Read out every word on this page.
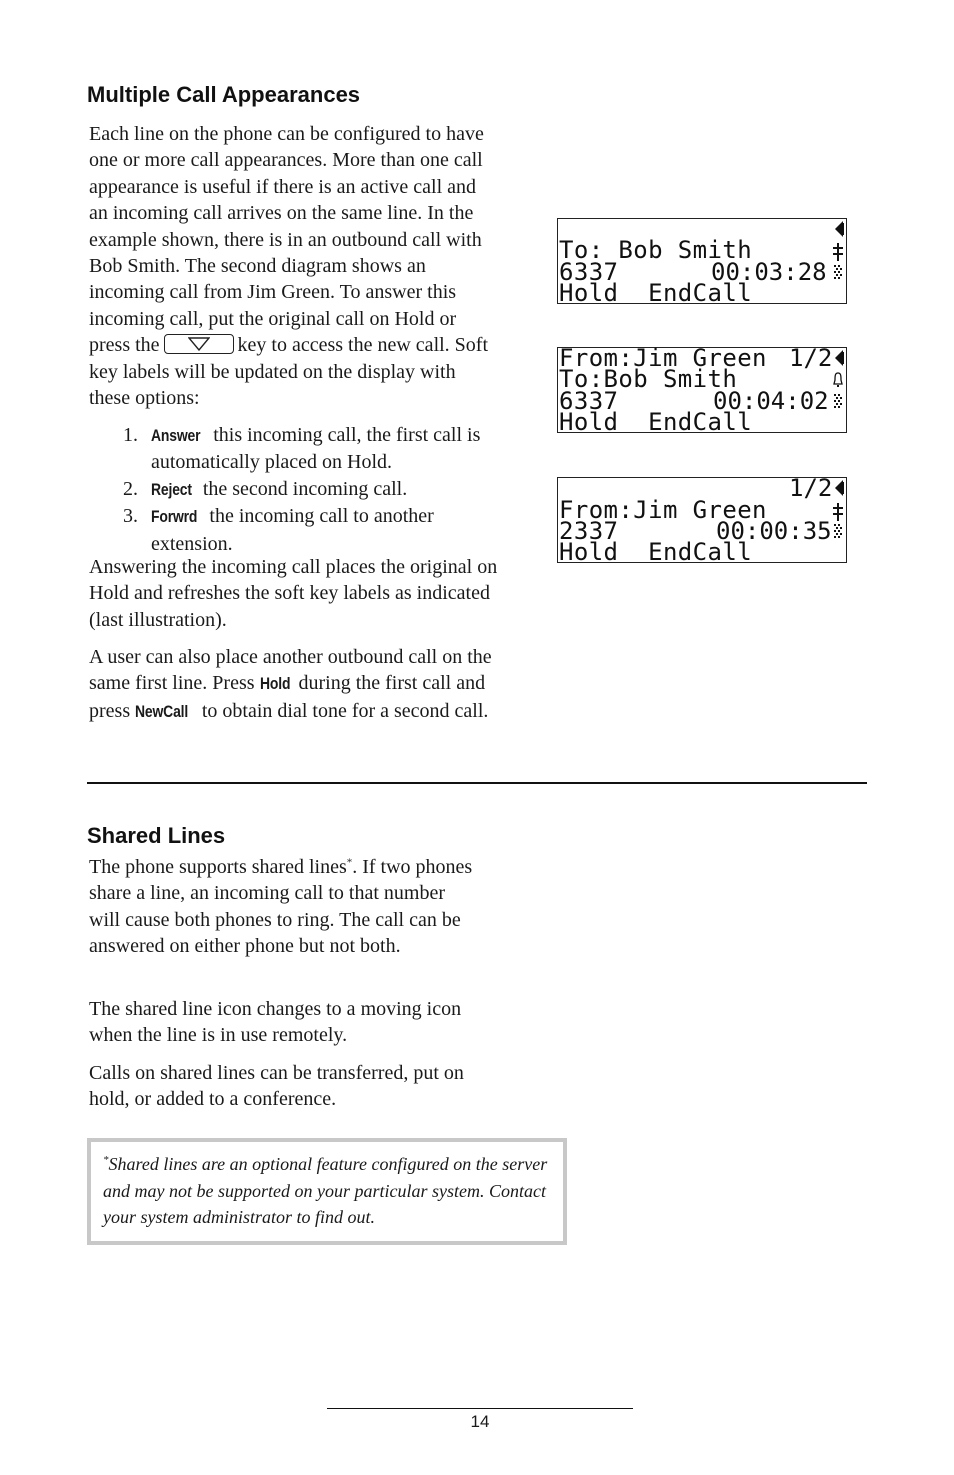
Multiple Call Appearances
Each line on the phone can be configured to have one or more call appearances. More than one call appearance is useful if there is an active call and an incoming call arrives on the same line. In the example shown, there is in an outbound call with Bob Smith. The second diagram shows an incoming call from Jim Green. To answer this incoming call, put the original call on Hold or press the	key to access the new call. Soft key labels will be updated on the display with these options:
1. Answer this incoming call, the first call is automatically placed on Hold.
2. Reject the second incoming call.
3. Forwrd the incoming call to another extension.

Answering the incoming call places the original on Hold and refreshes the soft key labels as indicated (last illustration).

A user can also place another outbound call on the same first line. Press Hold during the first call and press NewCall to obtain dial tone for a second call.

To: Bob Smith
6337	00:03:28
Hold  EndCall
From:Jim Green 1/2
To:Bob Smith
6337	00:04:02
Hold  EndCall
1/2
From:Jim Green
2337	00:00:35
Hold  EndCall
Shared Lines

The phone supports shared lines*. If two phones share a line, an incoming call to that number will cause both phones to ring. The call can be answered on either phone but not both.

The shared line icon changes to a moving icon when the line is in use remotely.

Calls on shared lines can be transferred, put on hold, or added to a conference.

*Shared lines are an optional feature configured on the server and may not be supported on your particular system. Contact your system administrator to find out.
14
